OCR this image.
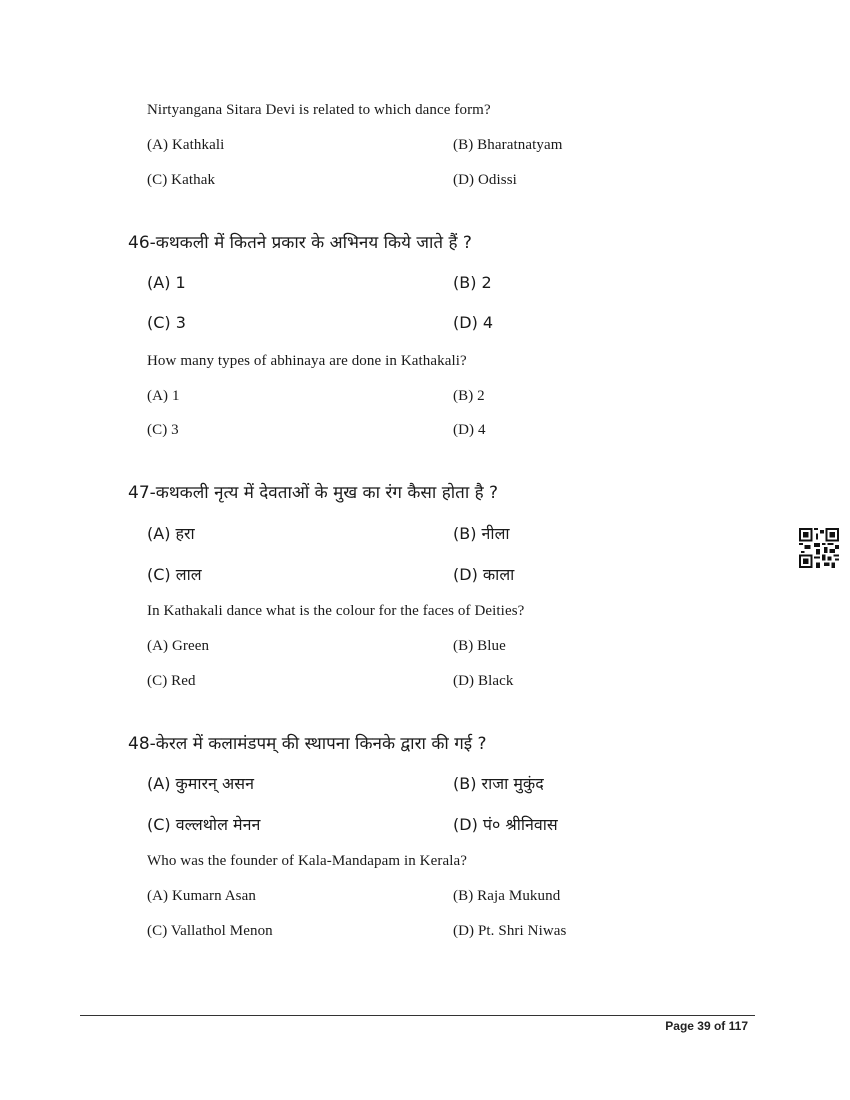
Nirtyangana Sitara Devi is related to which dance form?
(A) Kathkali	(B) Bharatnatyam
(C) Kathak	(D) Odissi
46-कथकली में कितने प्रकार के अभिनय किये जाते हैं ?
(A) 1	(B) 2
(C) 3	(D) 4
How many types of abhinaya are done in Kathakali?
(A) 1	(B) 2
(C) 3	(D) 4
47-कथकली नृत्य में देवताओं के मुख का रंग कैसा होता है ?
(A) हरा	(B) नीला
(C) लाल	(D) काला
In Kathakali dance what is the colour for the faces of Deities?
(A) Green	(B) Blue
(C) Red	(D) Black
48-केरल में कलामंडपम् की स्थापना किनके द्वारा की गई ?
(A) कुमारन् असन	(B) राजा मुकुंद
(C) वल्लथोल मेनन	(D) पं० श्रीनिवास
Who was the founder of Kala-Mandapam in Kerala?
(A) Kumarn Asan	(B) Raja Mukund
(C) Vallathol Menon	(D) Pt. Shri Niwas
Page 39 of 117
